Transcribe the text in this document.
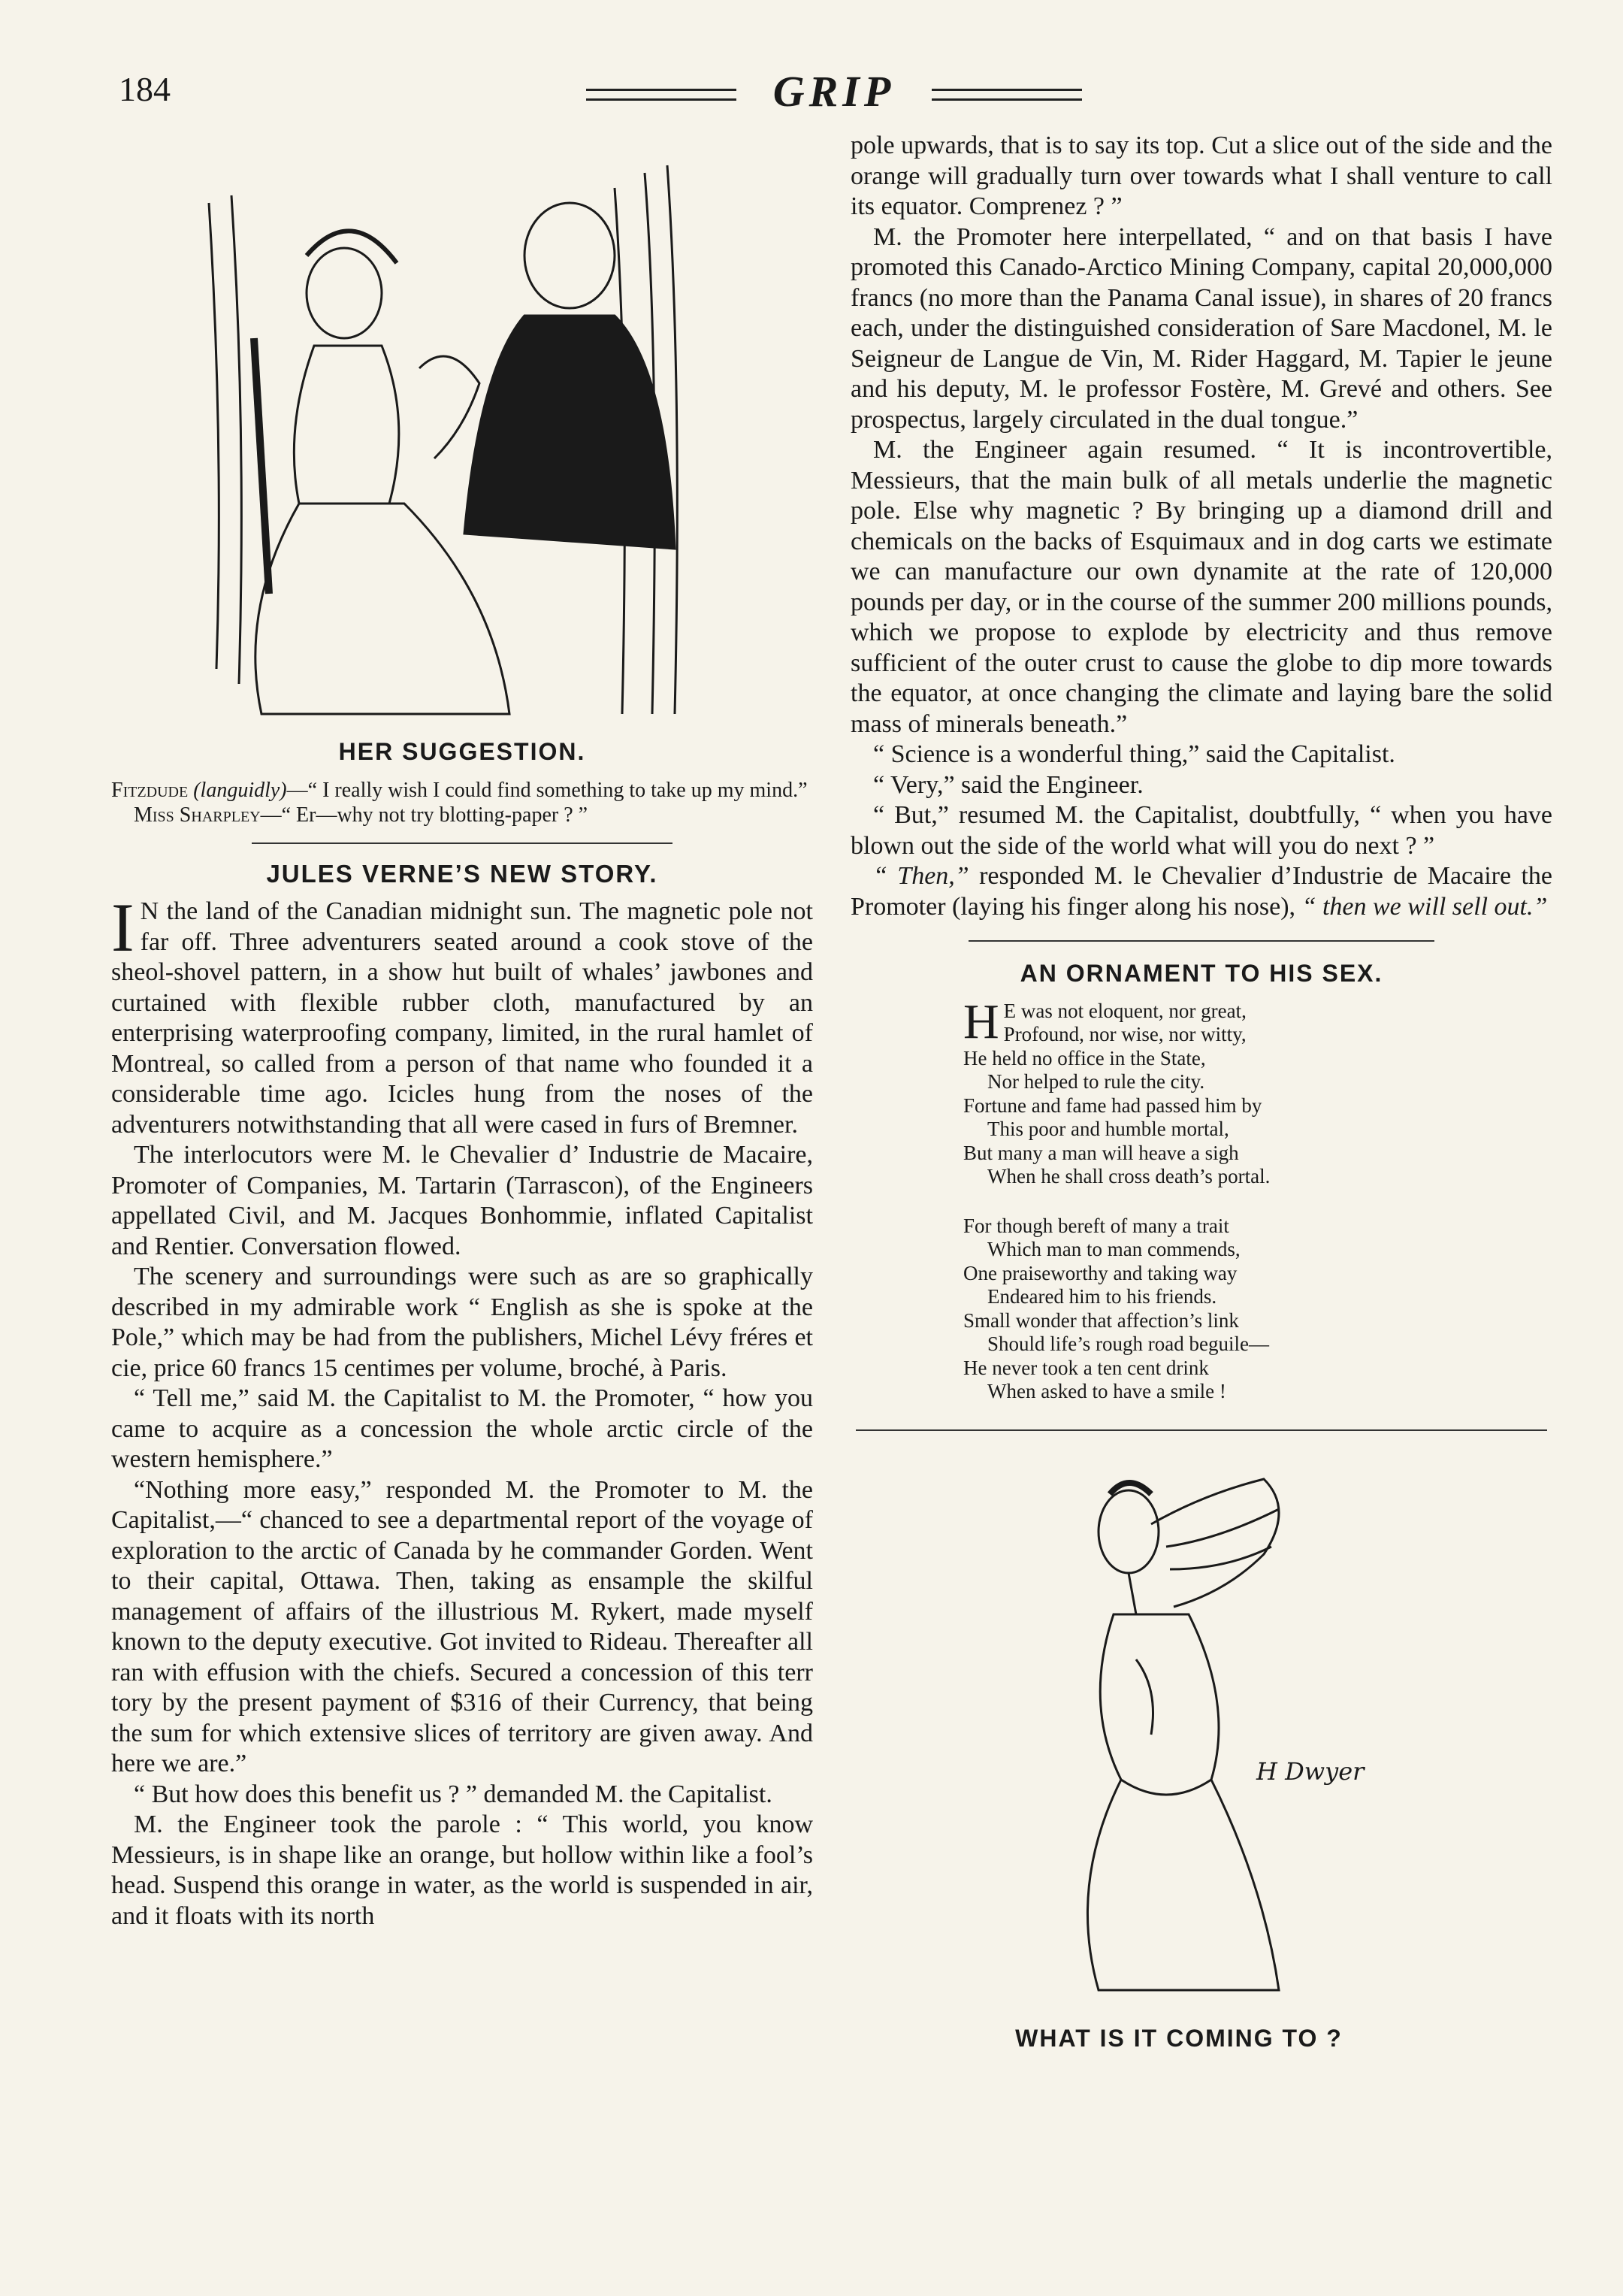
184	GRIP
HER SUGGESTION.

Fitzdude (languidly)—“ I really wish I could find something to take up my mind.”

Miss Sharpley—“ Er—why not try blotting-paper ? ”

JULES VERNE’S NEW STORY.

I N the land of the Canadian midnight sun. The magnetic pole not far off. Three adventurers seated around a cook stove of the sheol-shovel pattern, in a show hut built of whales’ jawbones and curtained with flexible rubber cloth, manufactured by an enterprising waterproofing company, limited, in the rural hamlet of Montreal, so called from a person of that name who founded it a considerable time ago. Icicles hung from the noses of the adventurers notwithstanding that all were cased in furs of Bremner.

The interlocutors were M. le Chevalier d’ Industrie de Macaire, Promoter of Companies, M. Tartarin (Tarrascon), of the Engineers appellated Civil, and M. Jacques Bonhommie, inflated Capitalist and Rentier. Conversation flowed.

The scenery and surroundings were such as are so graphically described in my admirable work “ English as she is spoke at the Pole,” which may be had from the publishers, Michel Lévy fréres et cie, price 60 francs 15 centimes per volume, broché, à Paris.

“ Tell me,” said M. the Capitalist to M. the Promoter, “ how you came to acquire as a concession the whole arctic circle of the western hemisphere.”

“Nothing more easy,” responded M. the Promoter to M. the Capitalist,—“ chanced to see a departmental report of the voyage of exploration to the arctic of Canada by he commander Gorden. Went to their capital, Ottawa. Then, taking as ensample the skilful management of affairs of the illustrious M. Rykert, made myself known to the deputy executive. Got invited to Rideau. Thereafter all ran with effusion with the chiefs. Secured a concession of this terr tory by the present payment of $316 of their Currency, that being the sum for which extensive slices of territory are given away. And here we are.”

“ But how does this benefit us ? ” demanded M. the Capitalist.

M. the Engineer took the parole : “ This world, you know Messieurs, is in shape like an orange, but hollow within like a fool’s head. Suspend this orange in water, as the world is suspended in air, and it floats with its north

pole upwards, that is to say its top. Cut a slice out of the side and the orange will gradually turn over towards what I shall venture to call its equator. Comprenez ? ”

M. the Promoter here interpellated, “ and on that basis I have promoted this Canado-Arctico Mining Company, capital 20,000,000 francs (no more than the Panama Canal issue), in shares of 20 francs each, under the distinguished consideration of Sare Macdonel, M. le Seigneur de Langue de Vin, M. Rider Haggard, M. Tapier le jeune and his deputy, M. le professor Fostère, M. Grevé and others. See prospectus, largely circulated in the dual tongue.”

M. the Engineer again resumed. “ It is incontrovertible, Messieurs, that the main bulk of all metals underlie the magnetic pole. Else why magnetic ? By bringing up a diamond drill and chemicals on the backs of Esquimaux and in dog carts we estimate we can manufacture our own dynamite at the rate of 120,000 pounds per day, or in the course of the summer 200 millions pounds, which we propose to explode by electricity and thus remove sufficient of the outer crust to cause the globe to dip more towards the equator, at once changing the climate and laying bare the solid mass of minerals beneath.”

“ Science is a wonderful thing,” said the Capitalist.

“ Very,” said the Engineer.

“ But,” resumed M. the Capitalist, doubtfully, “ when you have blown out the side of the world what will you do next ? ”

“ Then,” responded M. le Chevalier d’Industrie de Macaire the Promoter (laying his finger along his nose), “ then we will sell out.”

AN ORNAMENT TO HIS SEX.
H E was not eloquent, nor great,
Profound, nor wise, nor witty,
He held no office in the State,
Nor helped to rule the city.
Fortune and fame had passed him by
This poor and humble mortal,
But many a man will heave a sigh
When he shall cross death’s portal.
For though bereft of many a trait
Which man to man commends,
One praiseworthy and taking way
Endeared him to his friends.
Small wonder that affection’s link
Should life’s rough road beguile—
He never took a ten cent drink
When asked to have a smile !
H Dwyer
WHAT IS IT COMING TO ?
